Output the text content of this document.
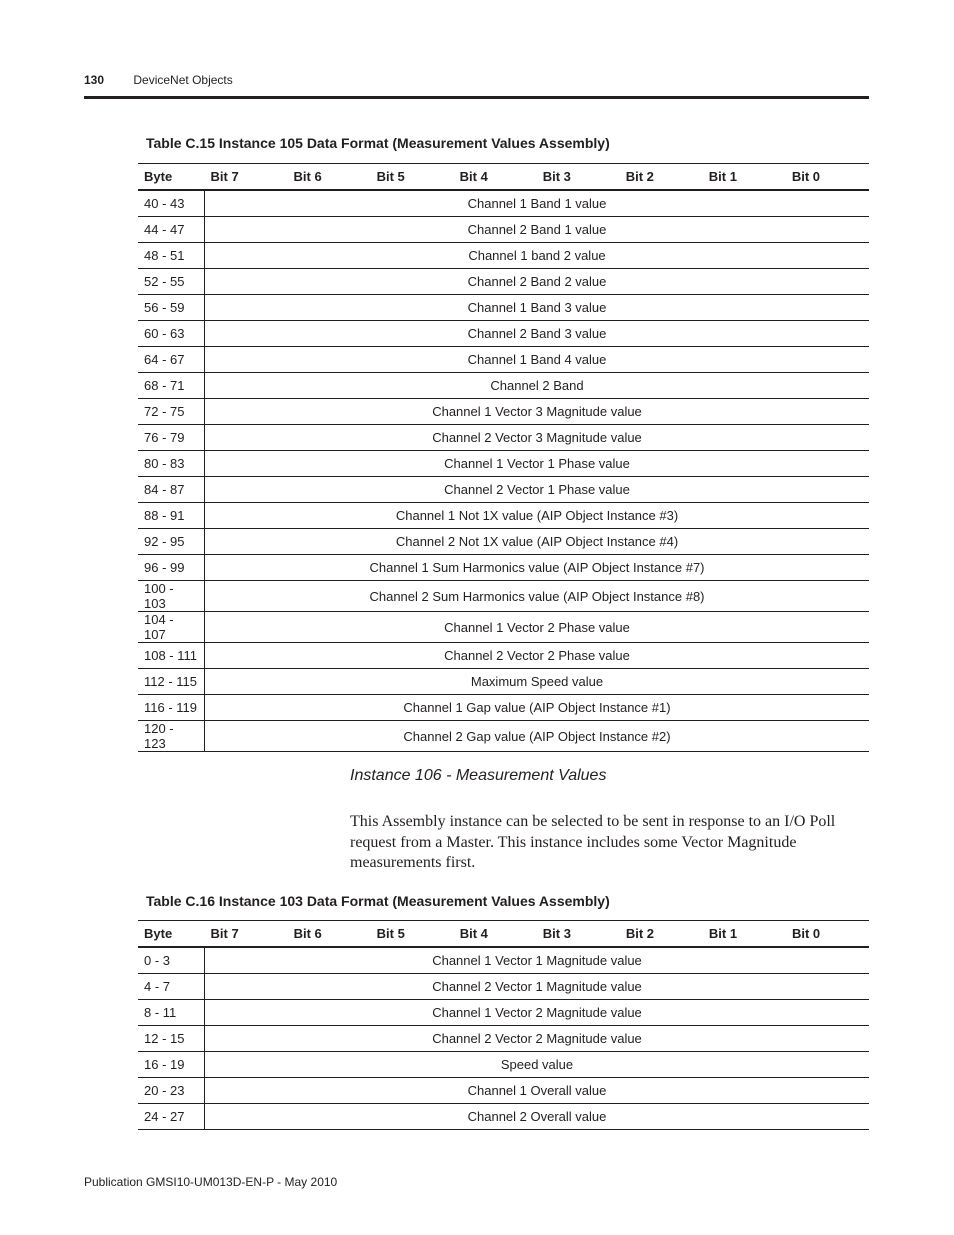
130 DeviceNet Objects
Table C.15 Instance 105 Data Format (Measurement Values Assembly)
Byte	Bit 7	Bit 6	Bit 5	Bit 4	Bit 3	Bit 2	Bit 1	Bit 0
40 - 43	Channel 1 Band 1 value							
44 - 47	Channel 2 Band 1 value							
48 - 51	Channel 1 band 2 value							
52 - 55	Channel 2 Band 2 value							
56 - 59	Channel 1 Band 3 value							
60 - 63	Channel 2 Band 3 value							
64 - 67	Channel 1 Band 4 value							
68 - 71	Channel 2 Band							
72 - 75	Channel 1 Vector 3 Magnitude value							
76 - 79	Channel 2 Vector 3 Magnitude value							
80 - 83	Channel 1 Vector 1 Phase value							
84 - 87	Channel 2 Vector 1 Phase value							
88 - 91	Channel 1 Not 1X value (AIP Object Instance #3)							
92 - 95	Channel 2 Not 1X value (AIP Object Instance #4)							
96 - 99	Channel 1 Sum Harmonics value (AIP Object Instance #7)							
100 - 103	Channel 2 Sum Harmonics value (AIP Object Instance #8)							
104 - 107	Channel 1 Vector 2 Phase value							
108 - 111	Channel 2 Vector 2 Phase value							
112 - 115	Maximum Speed value							
116 - 119	Channel 1 Gap value (AIP Object Instance #1)							
120 - 123	Channel 2 Gap value (AIP Object Instance #2)							
Instance 106 - Measurement Values
This Assembly instance can be selected to be sent in response to an I/O Poll request from a Master. This instance includes some Vector Magnitude measurements first.
Table C.16 Instance 103 Data Format (Measurement Values Assembly)
Byte	Bit 7	Bit 6	Bit 5	Bit 4	Bit 3	Bit 2	Bit 1	Bit 0
0 - 3	Channel 1 Vector 1 Magnitude value							
4 - 7	Channel 2 Vector 1 Magnitude value							
8 - 11	Channel 1 Vector 2 Magnitude value							
12 - 15	Channel 2 Vector 2 Magnitude value							
16 - 19	Speed value							
20 - 23	Channel 1 Overall value							
24 - 27	Channel 2 Overall value							
Publication GMSI10-UM013D-EN-P - May 2010
